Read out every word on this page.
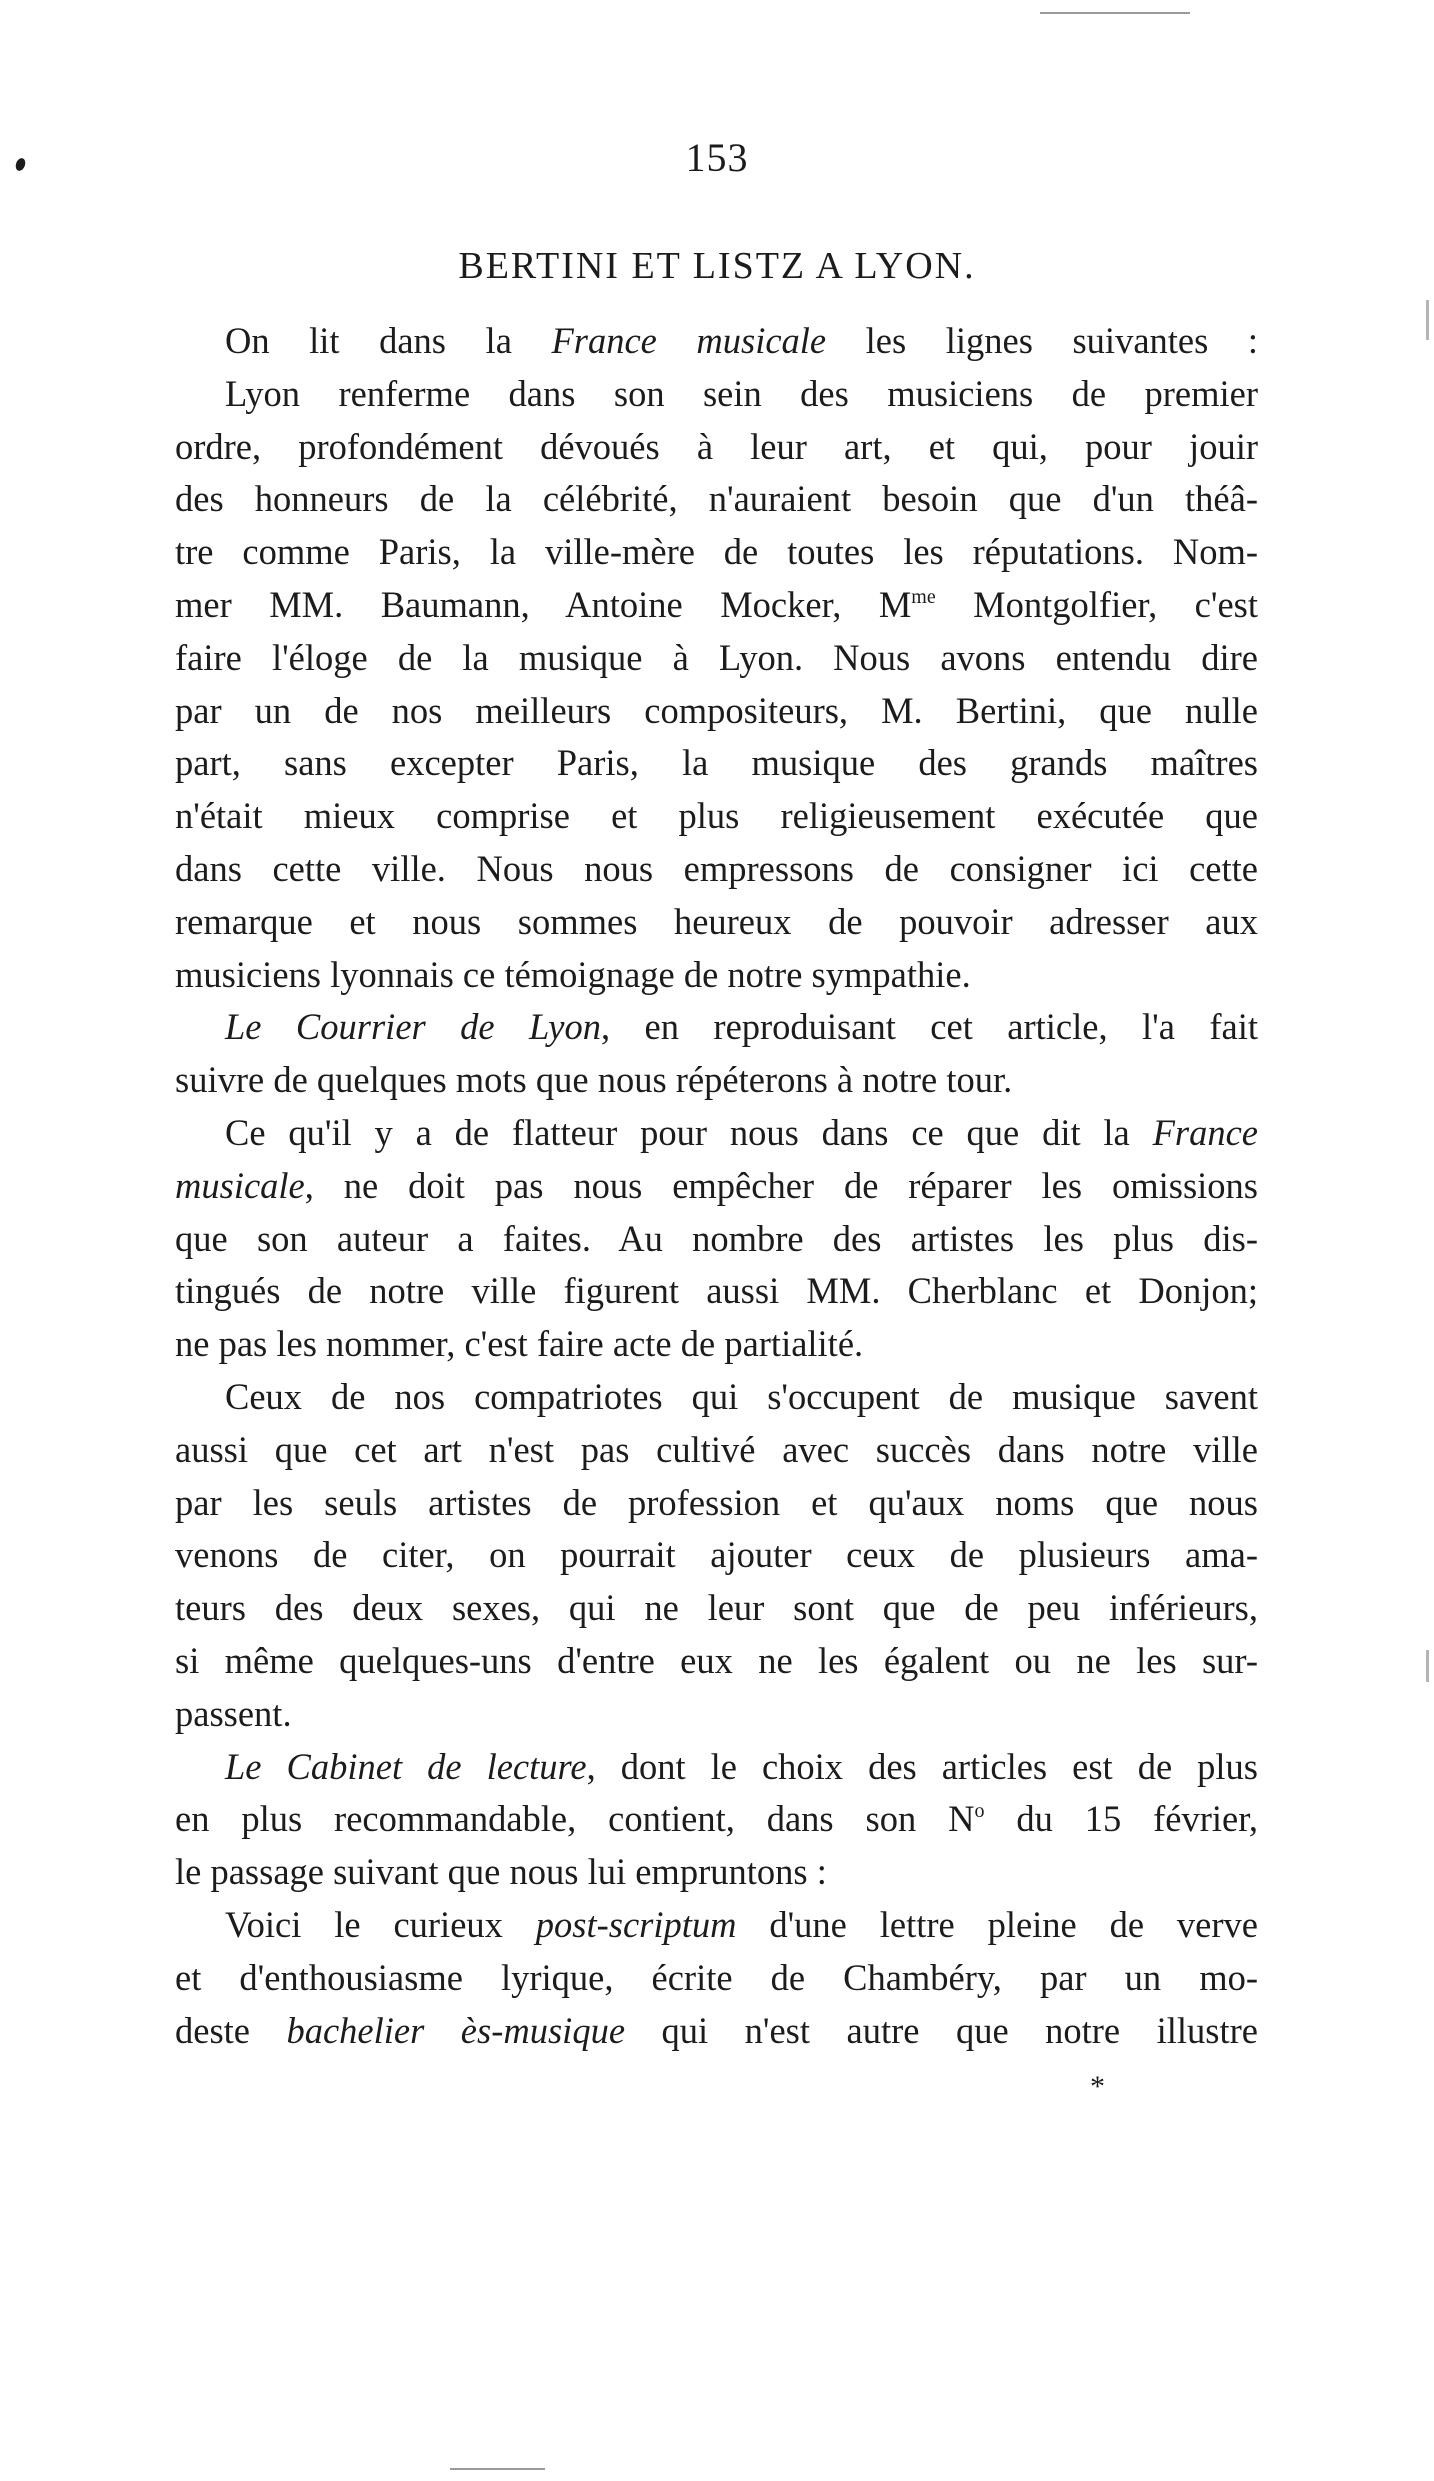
153
BERTINI ET LISTZ A LYON.
On lit dans la France musicale les lignes suivantes :
Lyon renferme dans son sein des musiciens de premier
ordre, profondément dévoués à leur art, et qui, pour jouir
des honneurs de la célébrité, n'auraient besoin que d'un théâ-
tre comme Paris, la ville-mère de toutes les réputations. Nom-
mer MM. Baumann, Antoine Mocker, $M^{me}$ Montgolfier, c'est
faire l'éloge de la musique à Lyon. Nous avons entendu dire
par un de nos meilleurs compositeurs, M. Bertini, que nulle
part, sans excepter Paris, la musique des grands maîtres
n'était mieux comprise et plus religieusement exécutée que
dans cette ville. Nous nous empressons de consigner ici cette
remarque et nous sommes heureux de pouvoir adresser aux
musiciens lyonnais ce témoignage de notre sympathie.
Le Courrier de Lyon, en reproduisant cet article, l'a fait
suivre de quelques mots que nous répéterons à notre tour.
Ce qu'il y a de flatteur pour nous dans ce que dit la France
musicale, ne doit pas nous empêcher de réparer les omissions
que son auteur a faites. Au nombre des artistes les plus dis-
tingués de notre ville figurent aussi MM. Cherblanc et Donjon;
ne pas les nommer, c'est faire acte de partialité.
Ceux de nos compatriotes qui s'occupent de musique savent
aussi que cet art n'est pas cultivé avec succès dans notre ville
par les seuls artistes de profession et qu'aux noms que nous
venons de citer, on pourrait ajouter ceux de plusieurs ama-
teurs des deux sexes, qui ne leur sont que de peu inférieurs,
si même quelques-uns d'entre eux ne les égalent ou ne les sur-
passent.
Le Cabinet de lecture, dont le choix des articles est de plus
en plus recommandable, contient, dans son $N^o$ du 15 février,
le passage suivant que nous lui empruntons :
Voici le curieux post-scriptum d'une lettre pleine de verve
et d'enthousiasme lyrique, écrite de Chambéry, par un mo-
deste bachelier ès-musique qui n'est autre que notre illustre
*
